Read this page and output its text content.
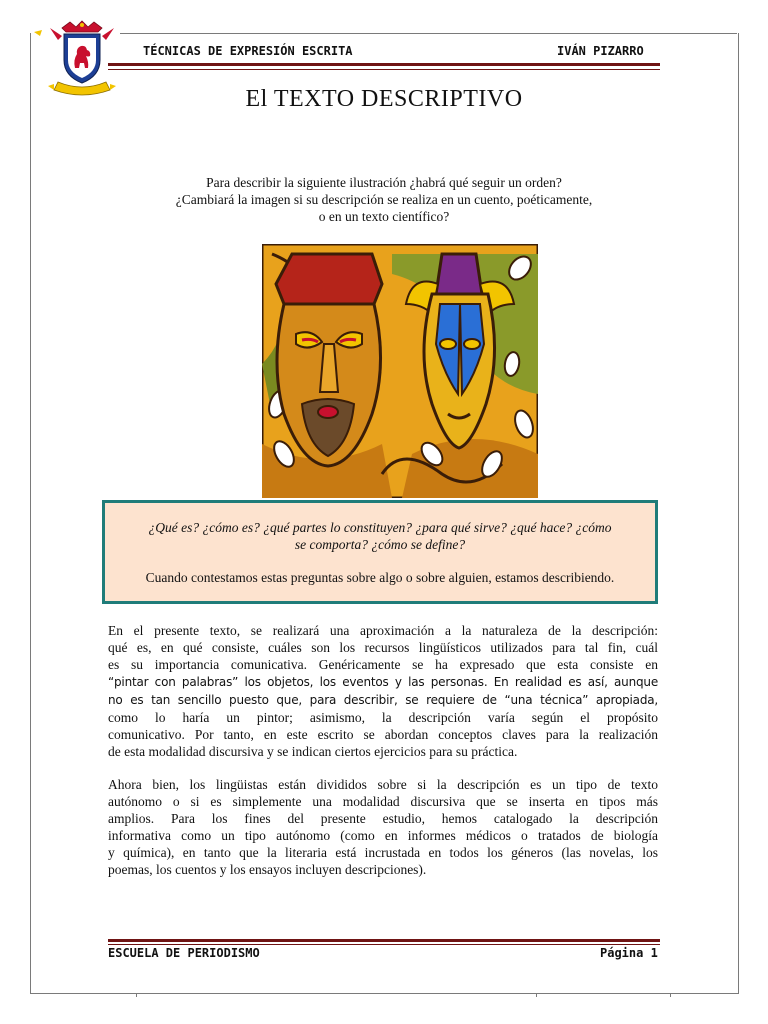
TÉCNICAS DE EXPRESIÓN ESCRITA	IVÁN PIZARRO
El TEXTO DESCRIPTIVO
Para describir la siguiente ilustración ¿habrá qué seguir un orden?
¿Cambiará la imagen si su descripción se realiza en un cuento, poéticamente,
o en un texto científico?
¿Qué es? ¿cómo es? ¿qué partes lo constituyen? ¿para qué sirve? ¿qué hace? ¿cómo
se comporta? ¿cómo se define?
Cuando contestamos estas preguntas sobre algo o sobre alguien, estamos describiendo.
En el presente texto, se realizará una aproximación a la naturaleza de la descripción:
qué es, en qué consiste, cuáles son los recursos lingüísticos utilizados para tal fin, cuál
es su importancia comunicativa. Genéricamente se ha expresado que esta consiste en
“pintar con palabras” los objetos, los eventos y las personas. En realidad es así, aunque
no es tan sencillo puesto que, para describir, se requiere de “una técnica” apropiada,
como lo haría un pintor; asimismo, la descripción varía según el propósito
comunicativo. Por tanto, en este escrito se abordan conceptos claves para la realización
de esta modalidad discursiva y se indican ciertos ejercicios para su práctica.
Ahora bien, los lingüistas están divididos sobre si la descripción es un tipo de texto
autónomo o si es simplemente una modalidad discursiva que se inserta en tipos más
amplios. Para los fines del presente estudio, hemos catalogado la descripción
informativa como un tipo autónomo (como en informes médicos o tratados de biología
y química), en tanto que la literaria está incrustada en todos los géneros (las novelas, los
poemas, los cuentos y los ensayos incluyen descripciones).
ESCUELA DE PERIODISMO	Página 1
